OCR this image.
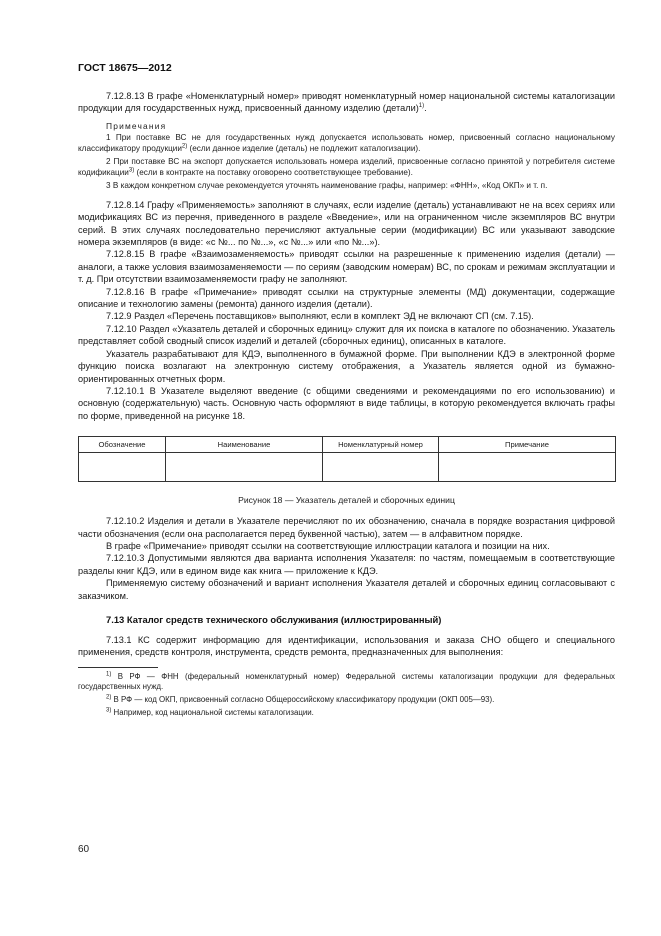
ГОСТ 18675—2012

7.12.8.13 В графе «Номенклатурный номер» приводят номенклатурный номер национальной системы каталогизации продукции для государственных нужд, присвоенный данному изделию (детали)$^{1)}$.

Примечания

1 При поставке ВС не для государственных нужд допускается использовать номер, присвоенный согласно национальному классификатору продукции$^{2)}$ (если данное изделие (деталь) не подлежит каталогизации).

2 При поставке ВС на экспорт допускается использовать номера изделий, присвоенные согласно принятой у потребителя системе кодификации$^{3)}$ (если в контракте на поставку оговорено соответствующее требование).

3 В каждом конкретном случае рекомендуется уточнять наименование графы, например: «ФНН», «Код ОКП» и т. п.

7.12.8.14 Графу «Применяемость» заполняют в случаях, если изделие (деталь) устанавливают не на всех сериях или модификациях ВС из перечня, приведенного в разделе «Введение», или на ограниченном числе экземпляров ВС внутри серий. В этих случаях последовательно перечисляют актуальные серии (модификации) ВС или указывают заводские номера экземпляров (в виде: «с №... по №...», «с №...» или «по №...»).

7.12.8.15 В графе «Взаимозаменяемость» приводят ссылки на разрешенные к применению изделия (детали) — аналоги, а также условия взаимозаменяемости — по сериям (заводским номерам) ВС, по срокам и режимам эксплуатации и т. д. При отсутствии взаимозаменяемости графу не заполняют.

7.12.8.16 В графе «Примечание» приводят ссылки на структурные элементы (МД) документации, содержащие описание и технологию замены (ремонта) данного изделия (детали).

7.12.9 Раздел «Перечень поставщиков» выполняют, если в комплект ЭД не включают СП (см. 7.15).

7.12.10 Раздел «Указатель деталей и сборочных единиц» служит для их поиска в каталоге по обозначению. Указатель представляет собой сводный список изделий и деталей (сборочных единиц), описанных в каталоге.

Указатель разрабатывают для КДЭ, выполненного в бумажной форме. При выполнении КДЭ в электронной форме функцию поиска возлагают на электронную систему отображения, а Указатель является одной из бумажно-ориентированных отчетных форм.

7.12.10.1 В Указателе выделяют введение (с общими сведениями и рекомендациями по его использованию) и основную (содержательную) часть. Основную часть оформляют в виде таблицы, в которую рекомендуется включать графы по форме, приведенной на рисунке 18.

Обозначение	Наименование	Номенклатурный номер	Примечание

Рисунок 18 — Указатель деталей и сборочных единиц

7.12.10.2 Изделия и детали в Указателе перечисляют по их обозначению, сначала в порядке возрастания цифровой части обозначения (если она располагается перед буквенной частью), затем — в алфавитном порядке.

В графе «Примечание» приводят ссылки на соответствующие иллюстрации каталога и позиции на них.

7.12.10.3 Допустимыми являются два варианта исполнения Указателя: по частям, помещаемым в соответствующие разделы книг КДЭ, или в едином виде как книга — приложение к КДЭ.

Применяемую систему обозначений и вариант исполнения Указателя деталей и сборочных единиц согласовывают с заказчиком.

7.13 Каталог средств технического обслуживания (иллюстрированный)

7.13.1 КС содержит информацию для идентификации, использования и заказа СНО общего и специального применения, средств контроля, инструмента, средств ремонта, предназначенных для выполнения:

$^{1)}$ В РФ — ФНН (федеральный номенклатурный номер) Федеральной системы каталогизации продукции для федеральных государственных нужд.

$^{2)}$ В РФ — код ОКП, присвоенный согласно Общероссийскому классификатору продукции (ОКП 005—93).

$^{3)}$ Например, код национальной системы каталогизации.

60
